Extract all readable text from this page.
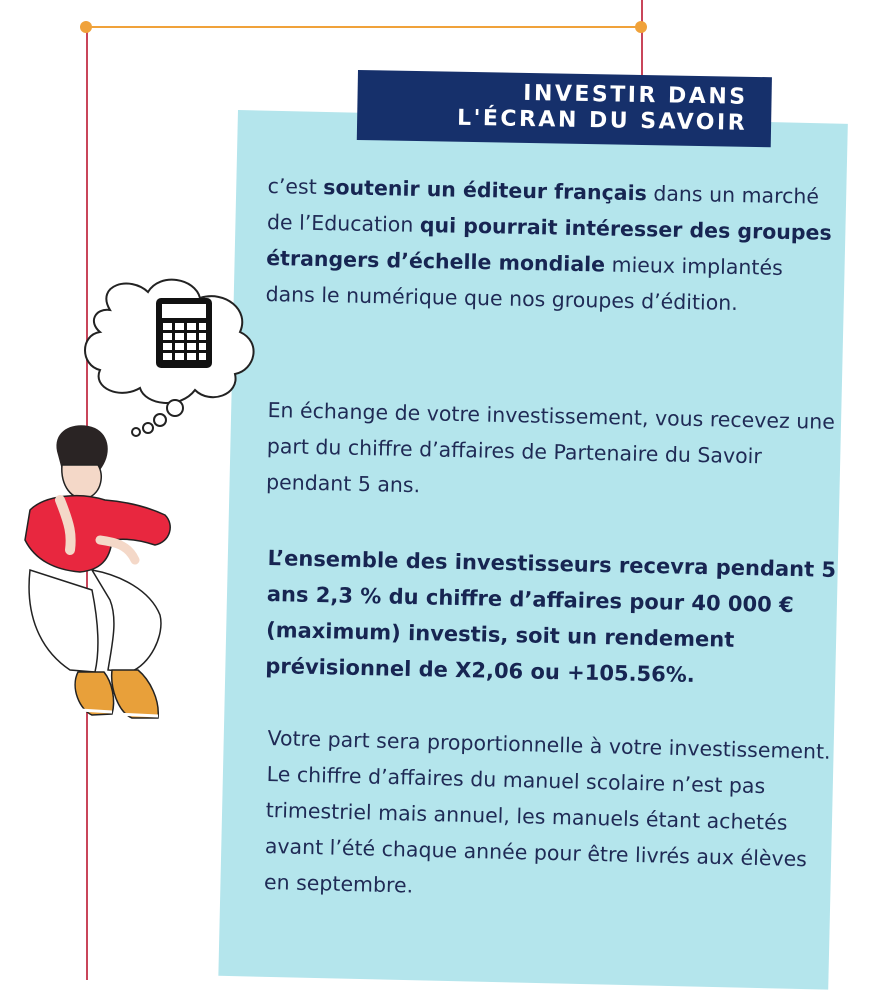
INVESTIR DANS
L'ÉCRAN DU SAVOIR
c’est soutenir un éditeur français dans un marché de l’Education qui pourrait intéresser des groupes étrangers d’échelle mondiale mieux implantés dans le numérique que nos groupes d’édition.
En échange de votre investissement, vous recevez une part du chiffre d’affaires de Partenaire du Savoir pendant 5 ans.
L’ensemble des investisseurs recevra pendant 5 ans 2,3 % du chiffre d’affaires pour 40 000 € (maximum) investis, soit un rendement prévisionnel de X2,06 ou +105.56%.
Votre part sera proportionnelle à votre investissement. Le chiffre d’affaires du manuel scolaire n’est pas trimestriel mais annuel, les manuels étant achetés avant l’été chaque année pour être livrés aux élèves en septembre.
